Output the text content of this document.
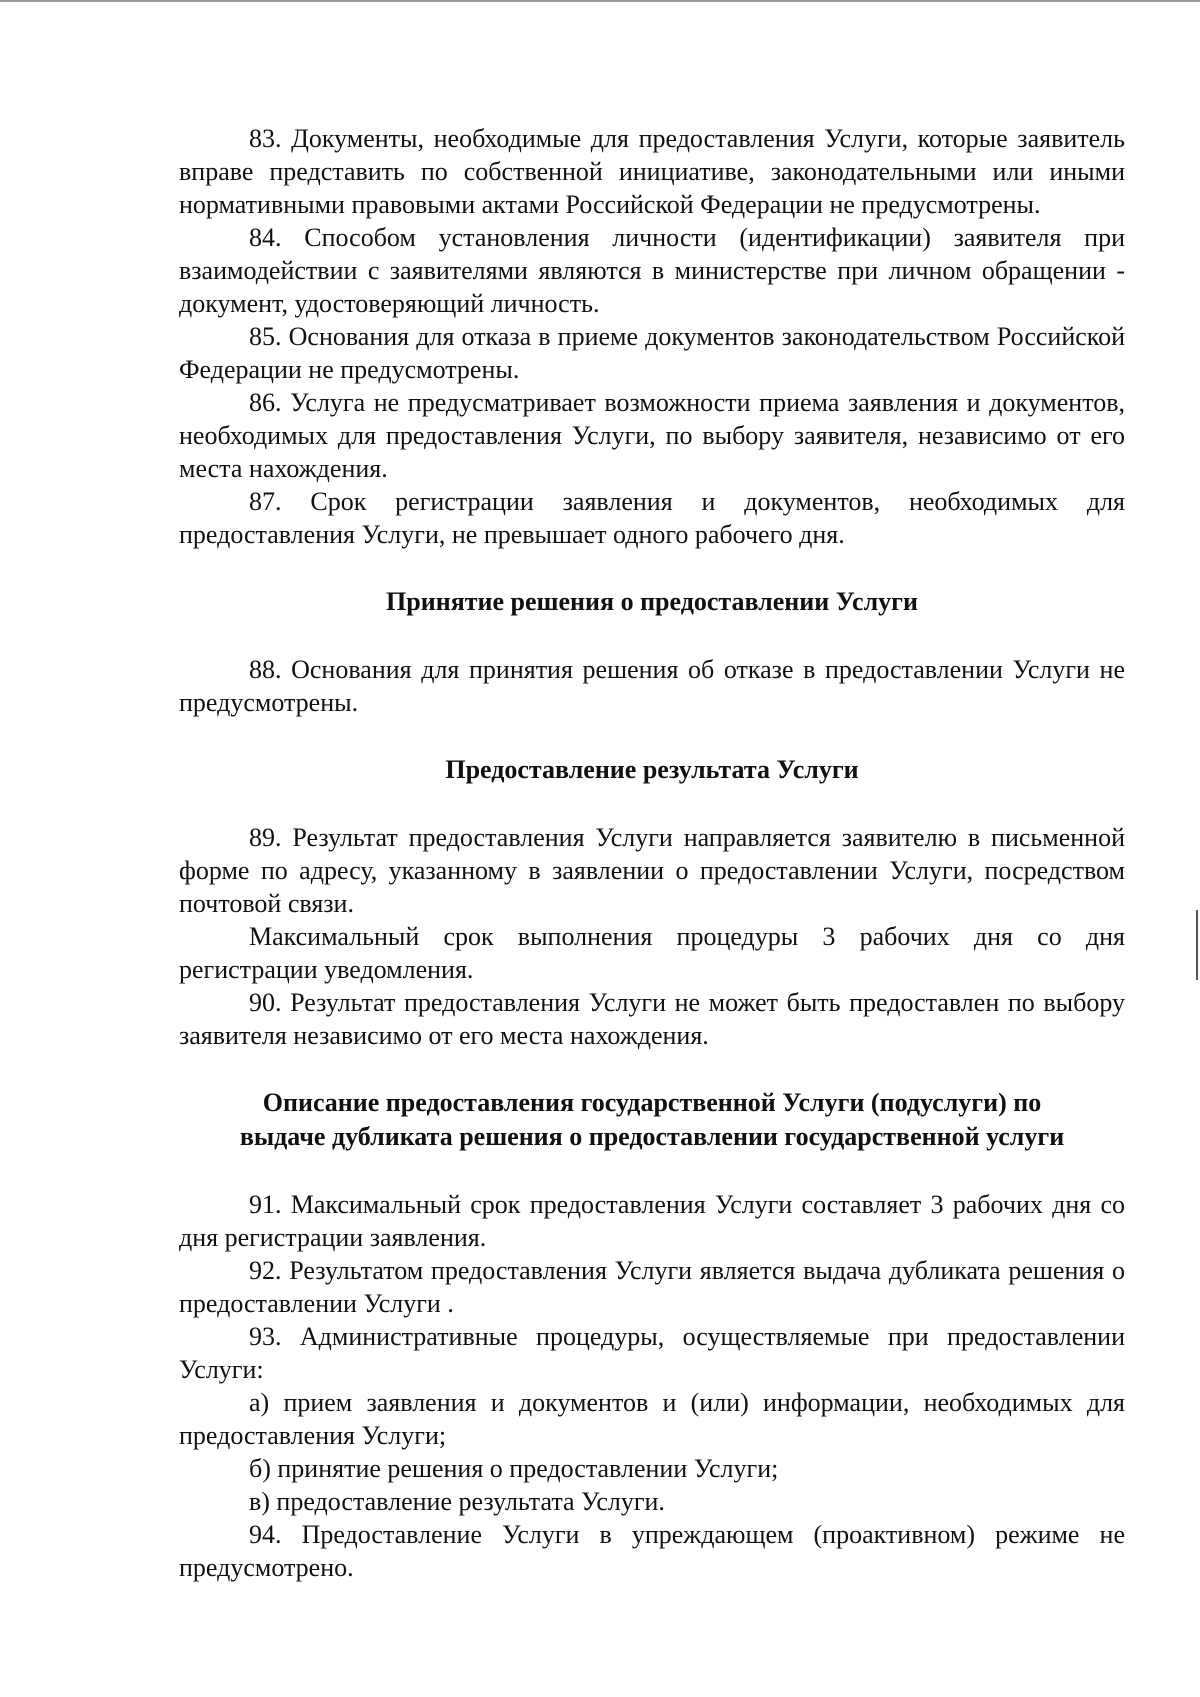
83. Документы, необходимые для предоставления Услуги, которые заявитель вправе представить по собственной инициативе, законодательными или иными нормативными правовыми актами Российской Федерации не предусмотрены.

84. Способом установления личности (идентификации) заявителя при взаимодействии с заявителями являются в министерстве при личном обращении - документ, удостоверяющий личность.

85. Основания для отказа в приеме документов законодательством Российской Федерации не предусмотрены.

86. Услуга не предусматривает возможности приема заявления и документов, необходимых для предоставления Услуги, по выбору заявителя, независимо от его места нахождения.

87. Срок регистрации заявления и документов, необходимых для предоставления Услуги, не превышает одного рабочего дня.

Принятие решения о предоставлении Услуги

88. Основания для принятия решения об отказе в предоставлении Услуги не предусмотрены.

Предоставление результата Услуги

89. Результат предоставления Услуги направляется заявителю в письменной форме по адресу, указанному в заявлении о предоставлении Услуги, посредством почтовой связи.

Максимальный срок выполнения процедуры 3 рабочих дня со дня регистрации уведомления.

90. Результат предоставления Услуги не может быть предоставлен по выбору заявителя независимо от его места нахождения.

Описание предоставления государственной Услуги (подуслуги) по
выдаче дубликата решения о предоставлении государственной услуги

91. Максимальный срок предоставления Услуги составляет 3 рабочих дня со дня регистрации заявления.

92. Результатом предоставления Услуги является выдача дубликата решения о предоставлении Услуги .

93. Административные процедуры, осуществляемые при предоставлении Услуги:

а) прием заявления и документов и (или) информации, необходимых для предоставления Услуги;

б) принятие решения о предоставлении Услуги;

в) предоставление результата Услуги.

94. Предоставление Услуги в упреждающем (проактивном) режиме не предусмотрено.
